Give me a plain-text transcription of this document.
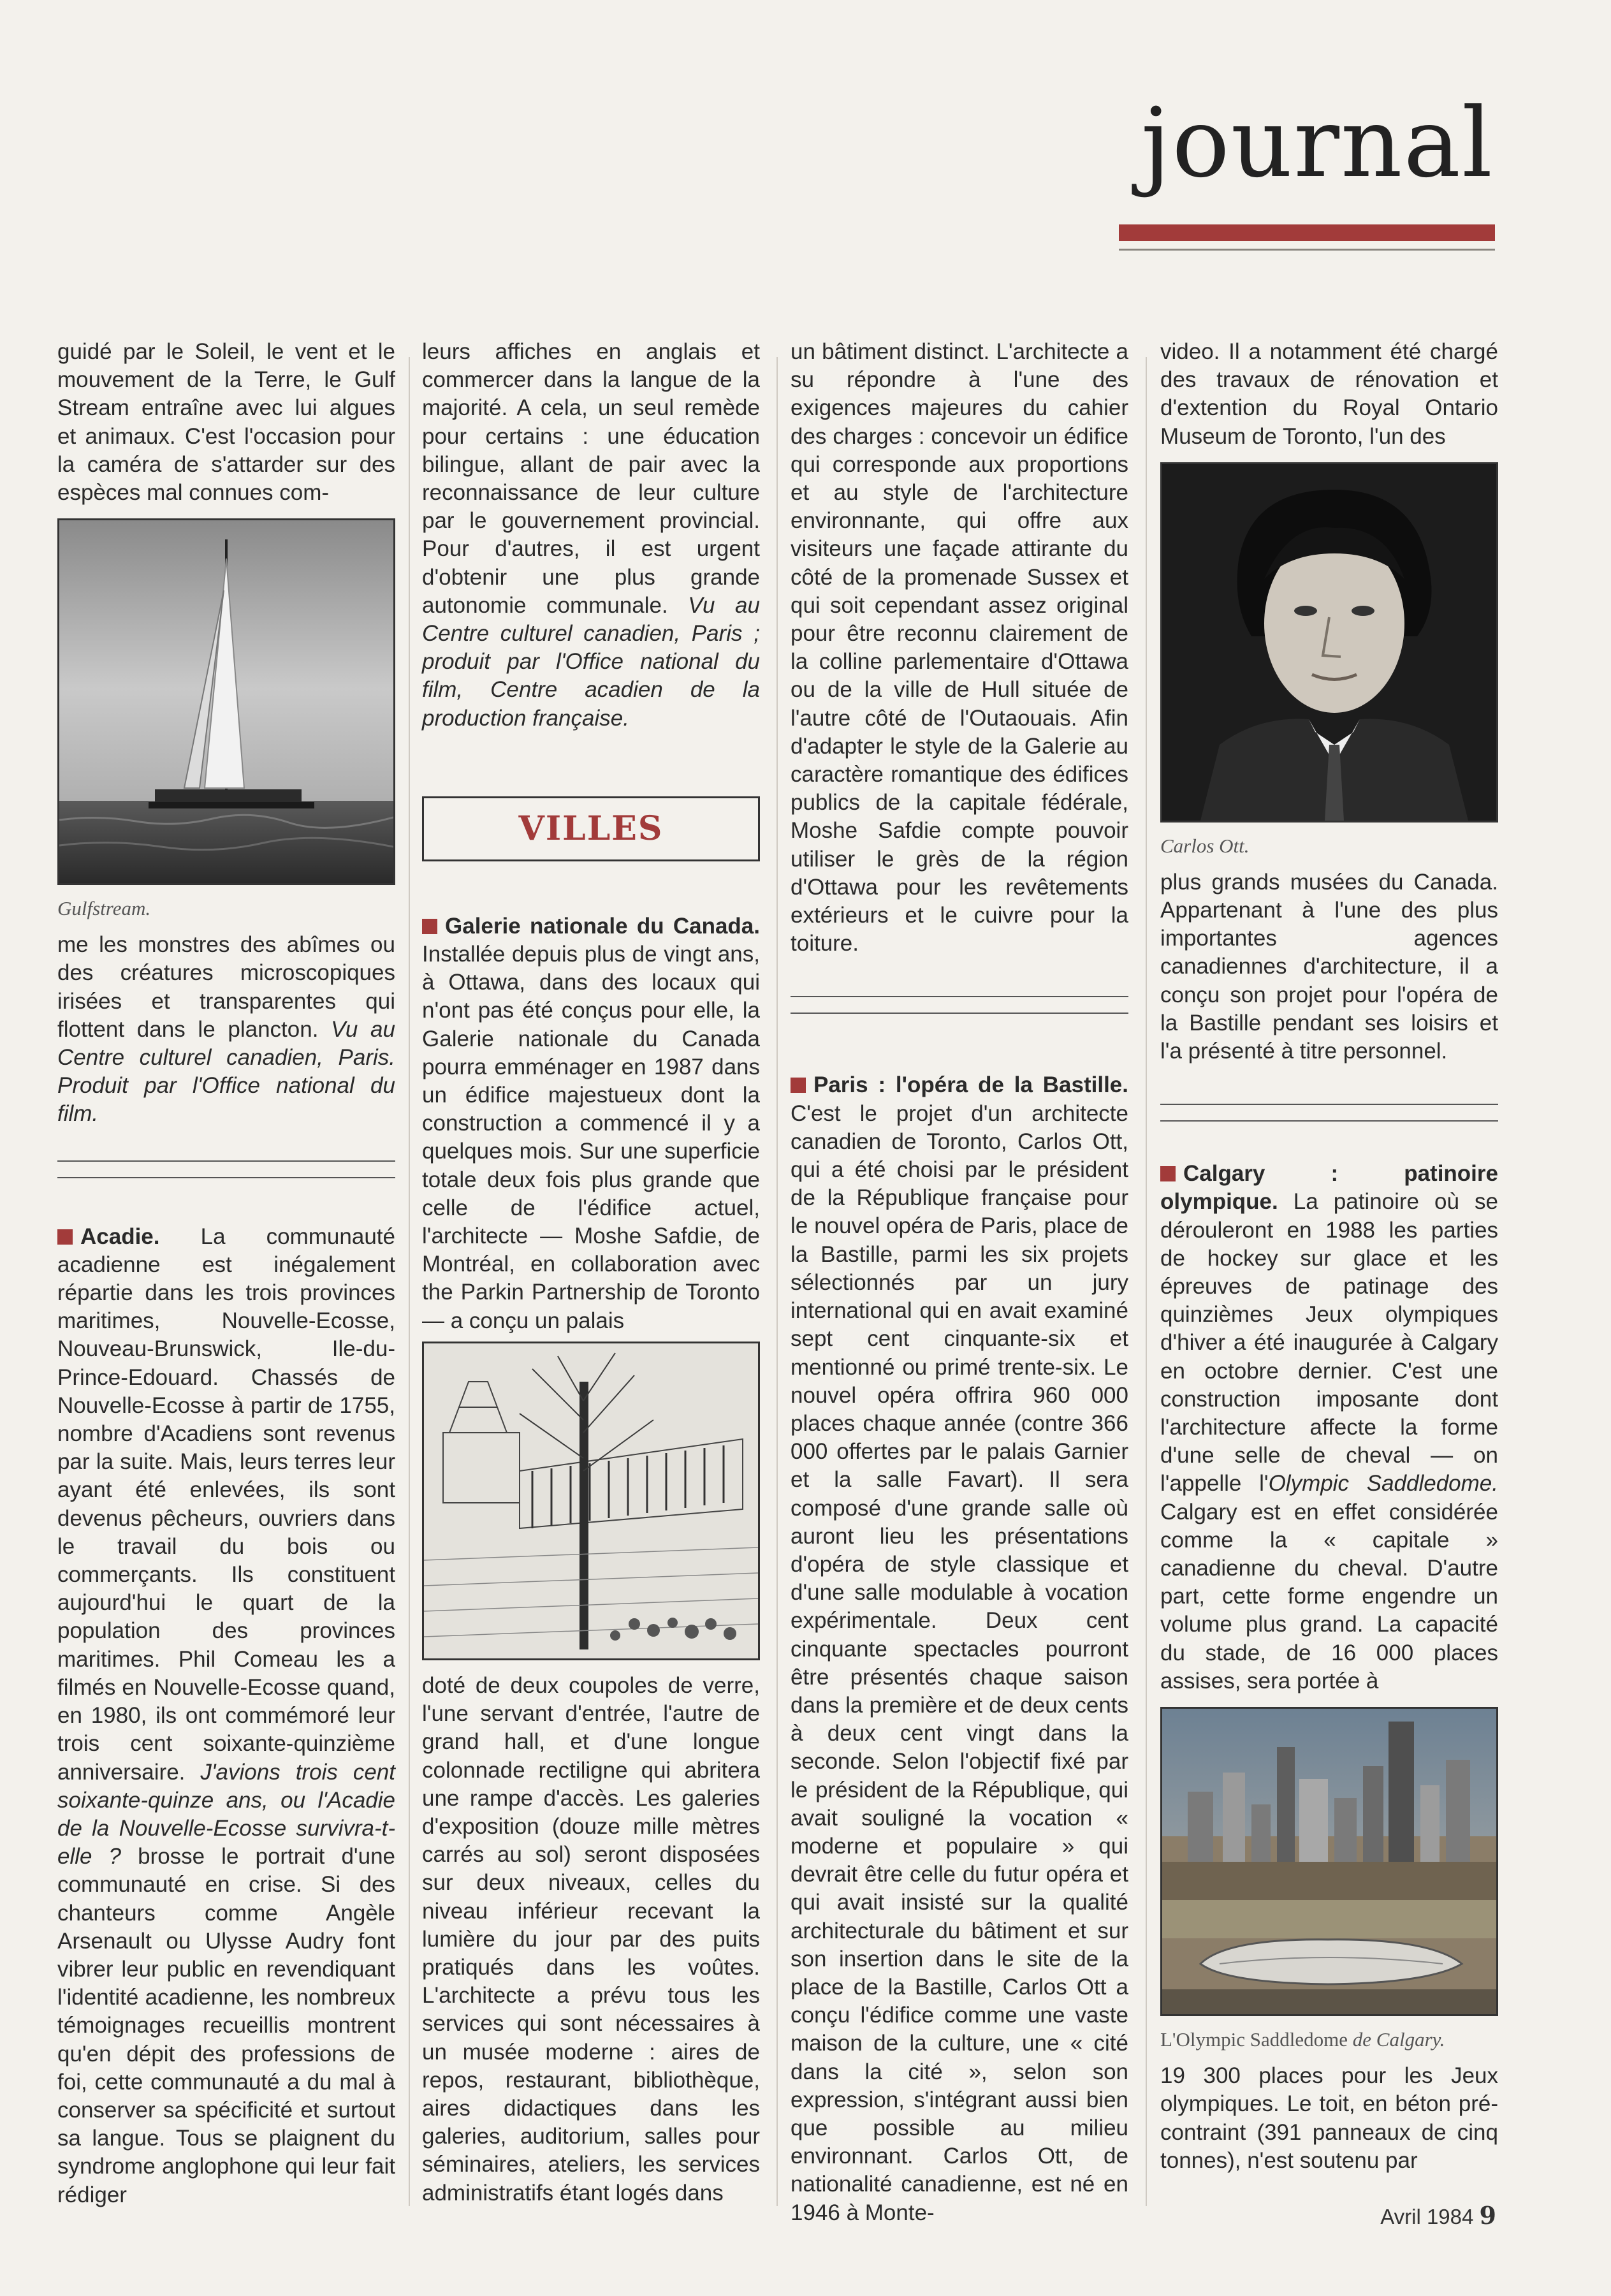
journal

guidé par le Soleil, le vent et le mouvement de la Terre, le Gulf Stream entraîne avec lui algues et animaux. C'est l'occasion pour la caméra de s'attarder sur des espèces mal connues com-

Gulfstream.

me les monstres des abîmes ou des créatures microscopiques irisées et transparentes qui flottent dans le plancton. Vu au Centre culturel canadien, Paris. Produit par l'Office national du film.

Acadie. La communauté acadienne est inégalement répartie dans les trois provinces maritimes, Nouvelle-Ecosse, Nouveau-Brunswick, Ile-du-Prince-Edouard. Chassés de Nouvelle-Ecosse à partir de 1755, nombre d'Acadiens sont revenus par la suite. Mais, leurs terres leur ayant été enlevées, ils sont devenus pêcheurs, ouvriers dans le travail du bois ou commerçants. Ils constituent aujourd'hui le quart de la population des provinces maritimes. Phil Comeau les a filmés en Nouvelle-Ecosse quand, en 1980, ils ont commémoré leur trois cent soixante-quinzième anniversaire. J'avions trois cent soixante-quinze ans, ou l'Acadie de la Nouvelle-Ecosse survivra-t-elle ? brosse le portrait d'une communauté en crise. Si des chanteurs comme Angèle Arsenault ou Ulysse Audry font vibrer leur public en revendiquant l'identité acadienne, les nombreux témoignages recueillis montrent qu'en dépit des professions de foi, cette communauté a du mal à conserver sa spécificité et surtout sa langue. Tous se plaignent du syndrome anglophone qui leur fait rédiger

leurs affiches en anglais et commercer dans la langue de la majorité. A cela, un seul remède pour certains : une éducation bilingue, allant de pair avec la reconnaissance de leur culture par le gouvernement provincial. Pour d'autres, il est urgent d'obtenir une plus grande autonomie communale. Vu au Centre culturel canadien, Paris ; produit par l'Office national du film, Centre acadien de la production française.

VILLES

Galerie nationale du Canada. Installée depuis plus de vingt ans, à Ottawa, dans des locaux qui n'ont pas été conçus pour elle, la Galerie nationale du Canada pourra emménager en 1987 dans un édifice majestueux dont la construction a commencé il y a quelques mois. Sur une superficie totale deux fois plus grande que celle de l'édifice actuel, l'architecte — Moshe Safdie, de Montréal, en collaboration avec the Parkin Partnership de Toronto — a conçu un palais

doté de deux coupoles de verre, l'une servant d'entrée, l'autre de grand hall, et d'une longue colonnade rectiligne qui abritera une rampe d'accès. Les galeries d'exposition (douze mille mètres carrés au sol) seront disposées sur deux niveaux, celles du niveau inférieur recevant la lumière du jour par des puits pratiqués dans les voûtes. L'architecte a prévu tous les services qui sont nécessaires à un musée moderne : aires de repos, restaurant, bibliothèque, aires didactiques dans les galeries, auditorium, salles pour séminaires, ateliers, les services administratifs étant logés dans

un bâtiment distinct. L'architecte a su répondre à l'une des exigences majeures du cahier des charges : concevoir un édifice qui corresponde aux proportions et au style de l'architecture environnante, qui offre aux visiteurs une façade attirante du côté de la promenade Sussex et qui soit cependant assez original pour être reconnu clairement de la colline parlementaire d'Ottawa ou de la ville de Hull située de l'autre côté de l'Outaouais. Afin d'adapter le style de la Galerie au caractère romantique des édifices publics de la capitale fédérale, Moshe Safdie compte pouvoir utiliser le grès de la région d'Ottawa pour les revêtements extérieurs et le cuivre pour la toiture.

Paris : l'opéra de la Bastille. C'est le projet d'un architecte canadien de Toronto, Carlos Ott, qui a été choisi par le président de la République française pour le nouvel opéra de Paris, place de la Bastille, parmi les six projets sélectionnés par un jury international qui en avait examiné sept cent cinquante-six et mentionné ou primé trente-six. Le nouvel opéra offrira 960 000 places chaque année (contre 366 000 offertes par le palais Garnier et la salle Favart). Il sera composé d'une grande salle où auront lieu les présentations d'opéra de style classique et d'une salle modulable à vocation expérimentale. Deux cent cinquante spectacles pourront être présentés chaque saison dans la première et de deux cents à deux cent vingt dans la seconde. Selon l'objectif fixé par le président de la République, qui avait souligné la vocation « moderne et populaire » qui devrait être celle du futur opéra et qui avait insisté sur la qualité architecturale du bâtiment et sur son insertion dans le site de la place de la Bastille, Carlos Ott a conçu l'édifice comme une vaste maison de la culture, une « cité dans la cité », selon son expression, s'intégrant aussi bien que possible au milieu environnant. Carlos Ott, de nationalité canadienne, est né en 1946 à Monte-

video. Il a notamment été chargé des travaux de rénovation et d'extention du Royal Ontario Museum de Toronto, l'un des

Carlos Ott.

plus grands musées du Canada. Appartenant à l'une des plus importantes agences canadiennes d'architecture, il a conçu son projet pour l'opéra de la Bastille pendant ses loisirs et l'a présenté à titre personnel.

Calgary : patinoire olympique. La patinoire où se dérouleront en 1988 les parties de hockey sur glace et les épreuves de patinage des quinzièmes Jeux olympiques d'hiver a été inaugurée à Calgary en octobre dernier. C'est une construction imposante dont l'architecture affecte la forme d'une selle de cheval — on l'appelle l'Olympic Saddledome. Calgary est en effet considérée comme la « capitale » canadienne du cheval. D'autre part, cette forme engendre un volume plus grand. La capacité du stade, de 16 000 places assises, sera portée à

L'Olympic Saddledome de Calgary.

19 300 places pour les Jeux olympiques. Le toit, en béton pré-contraint (391 panneaux de cinq tonnes), n'est soutenu par

Avril 1984 9
